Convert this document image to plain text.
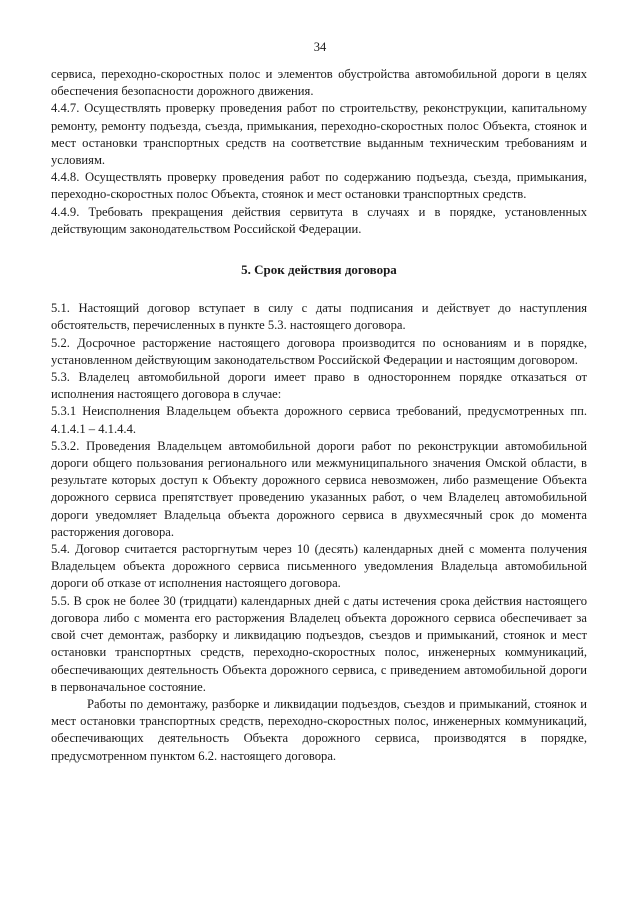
34

сервиса, переходно-скоростных полос и элементов обустройства автомобильной дороги в целях обеспечения безопасности дорожного движения.

4.4.7. Осуществлять проверку проведения работ по строительству, реконструкции, капитальному ремонту, ремонту подъезда, съезда, примыкания, переходно-скоростных полос Объекта, стоянок и мест остановки транспортных средств на соответствие выданным техническим требованиям и условиям.

4.4.8. Осуществлять проверку проведения работ по содержанию подъезда, съезда, примыкания, переходно-скоростных полос Объекта, стоянок и мест остановки транспортных средств.

4.4.9. Требовать прекращения действия сервитута в случаях и в порядке, установленных действующим законодательством Российской Федерации.

5. Срок действия договора

5.1. Настоящий договор вступает в силу с даты подписания и действует до наступления обстоятельств, перечисленных в пункте 5.3. настоящего договора.

5.2. Досрочное расторжение настоящего договора производится по основаниям и в порядке, установленном действующим законодательством Российской Федерации и настоящим договором.

5.3. Владелец автомобильной дороги имеет право в одностороннем порядке отказаться от исполнения настоящего договора в случае:

5.3.1 Неисполнения Владельцем объекта дорожного сервиса требований, предусмотренных пп. 4.1.4.1 – 4.1.4.4.

5.3.2. Проведения Владельцем автомобильной дороги работ по реконструкции автомобильной дороги общего пользования регионального или межмуниципального значения Омской области, в результате которых доступ к Объекту дорожного сервиса невозможен, либо размещение Объекта дорожного сервиса препятствует проведению указанных работ, о чем Владелец автомобильной дороги уведомляет Владельца объекта дорожного сервиса в двухмесячный срок до момента расторжения договора.

5.4. Договор считается расторгнутым через 10 (десять) календарных дней с момента получения Владельцем объекта дорожного сервиса письменного уведомления Владельца автомобильной дороги об отказе от исполнения настоящего договора.

5.5. В срок не более 30 (тридцати) календарных дней с даты истечения срока действия настоящего договора либо с момента его расторжения Владелец объекта дорожного сервиса обеспечивает за свой счет демонтаж, разборку и ликвидацию подъездов, съездов и примыканий, стоянок и мест остановки транспортных средств, переходно-скоростных полос, инженерных коммуникаций, обеспечивающих деятельность Объекта дорожного сервиса, с приведением автомобильной дороги в первоначальное состояние.

Работы по демонтажу, разборке и ликвидации подъездов, съездов и примыканий, стоянок и мест остановки транспортных средств, переходно-скоростных полос, инженерных коммуникаций, обеспечивающих деятельность Объекта дорожного сервиса, производятся в порядке, предусмотренном пунктом 6.2. настоящего договора.
